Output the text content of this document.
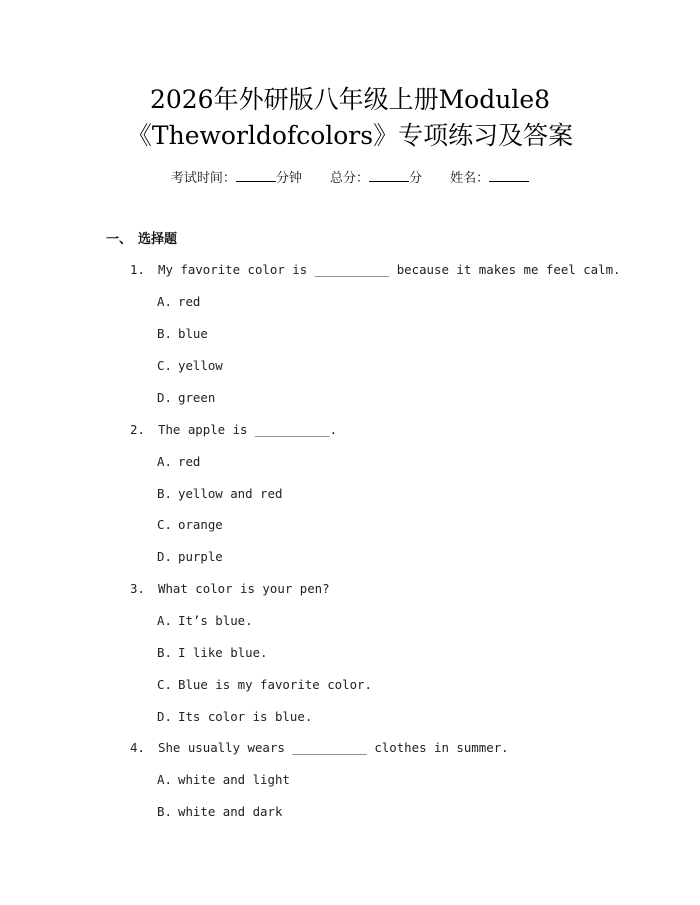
2026年外研版八年级上册Module8
《Theworldofcolors》专项练习及答案
考试时间：	分钟 总分：	分 姓名：
一、 选择题
1. My favorite color is __________ because it makes me feel calm.
A. red
B. blue
C. yellow
D. green
2. The apple is __________.
A. red
B. yellow and red
C. orange
D. purple
3. What color is your pen?
A. It’s blue.
B. I like blue.
C. Blue is my favorite color.
D. Its color is blue.
4. She usually wears __________ clothes in summer.
A. white and light
B. white and dark
